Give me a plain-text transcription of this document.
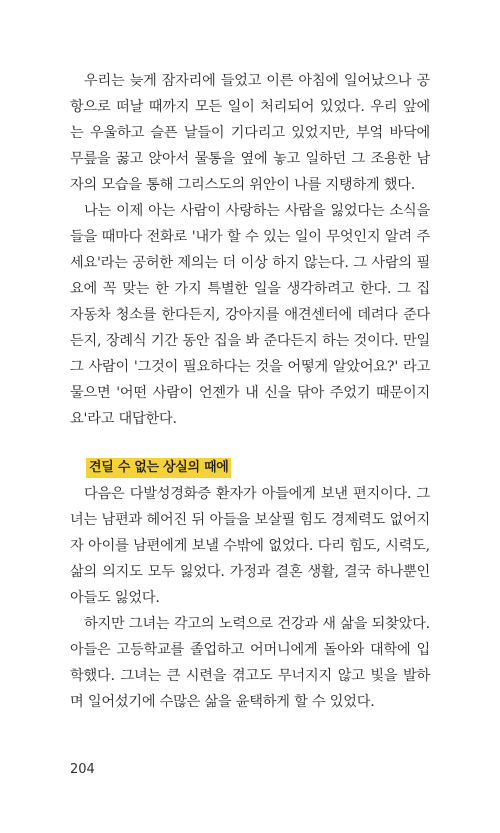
우리는 늦게 잠자리에 들었고 이른 아침에 일어났으나 공항으로 떠날 때까지 모든 일이 처리되어 있었다. 우리 앞에는 우울하고 슬픈 날들이 기다리고 있었지만, 부엌 바닥에 무릎을 꿇고 앉아서 물통을 옆에 놓고 일하던 그 조용한 남자의 모습을 통해 그리스도의 위안이 나를 지탱하게 했다.

나는 이제 아는 사람이 사랑하는 사람을 잃었다는 소식을 들을 때마다 전화로 '내가 할 수 있는 일이 무엇인지 알려 주세요'라는 공허한 제의는 더 이상 하지 않는다. 그 사람의 필요에 꼭 맞는 한 가지 특별한 일을 생각하려고 한다. 그 집 자동차 청소를 한다든지, 강아지를 애견센터에 데려다 준다든지, 장례식 기간 동안 집을 봐 준다든지 하는 것이다. 만일 그 사람이 '그것이 필요하다는 것을 어떻게 알았어요?' 라고 물으면 '어떤 사람이 언젠가 내 신을 닦아 주었기 때문이지요'라고 대답한다.

견딜 수 없는 상실의 때에

다음은 다발성경화증 환자가 아들에게 보낸 편지이다. 그녀는 남편과 헤어진 뒤 아들을 보살필 힘도 경제력도 없어지자 아이를 남편에게 보낼 수밖에 없었다. 다리 힘도, 시력도, 삶의 의지도 모두 잃었다. 가정과 결혼 생활, 결국 하나뿐인 아들도 잃었다.

하지만 그녀는 각고의 노력으로 건강과 새 삶을 되찾았다. 아들은 고등학교를 졸업하고 어머니에게 돌아와 대학에 입학했다. 그녀는 큰 시련을 겪고도 무너지지 않고 빛을 발하며 일어섰기에 수많은 삶을 윤택하게 할 수 있었다.

204
